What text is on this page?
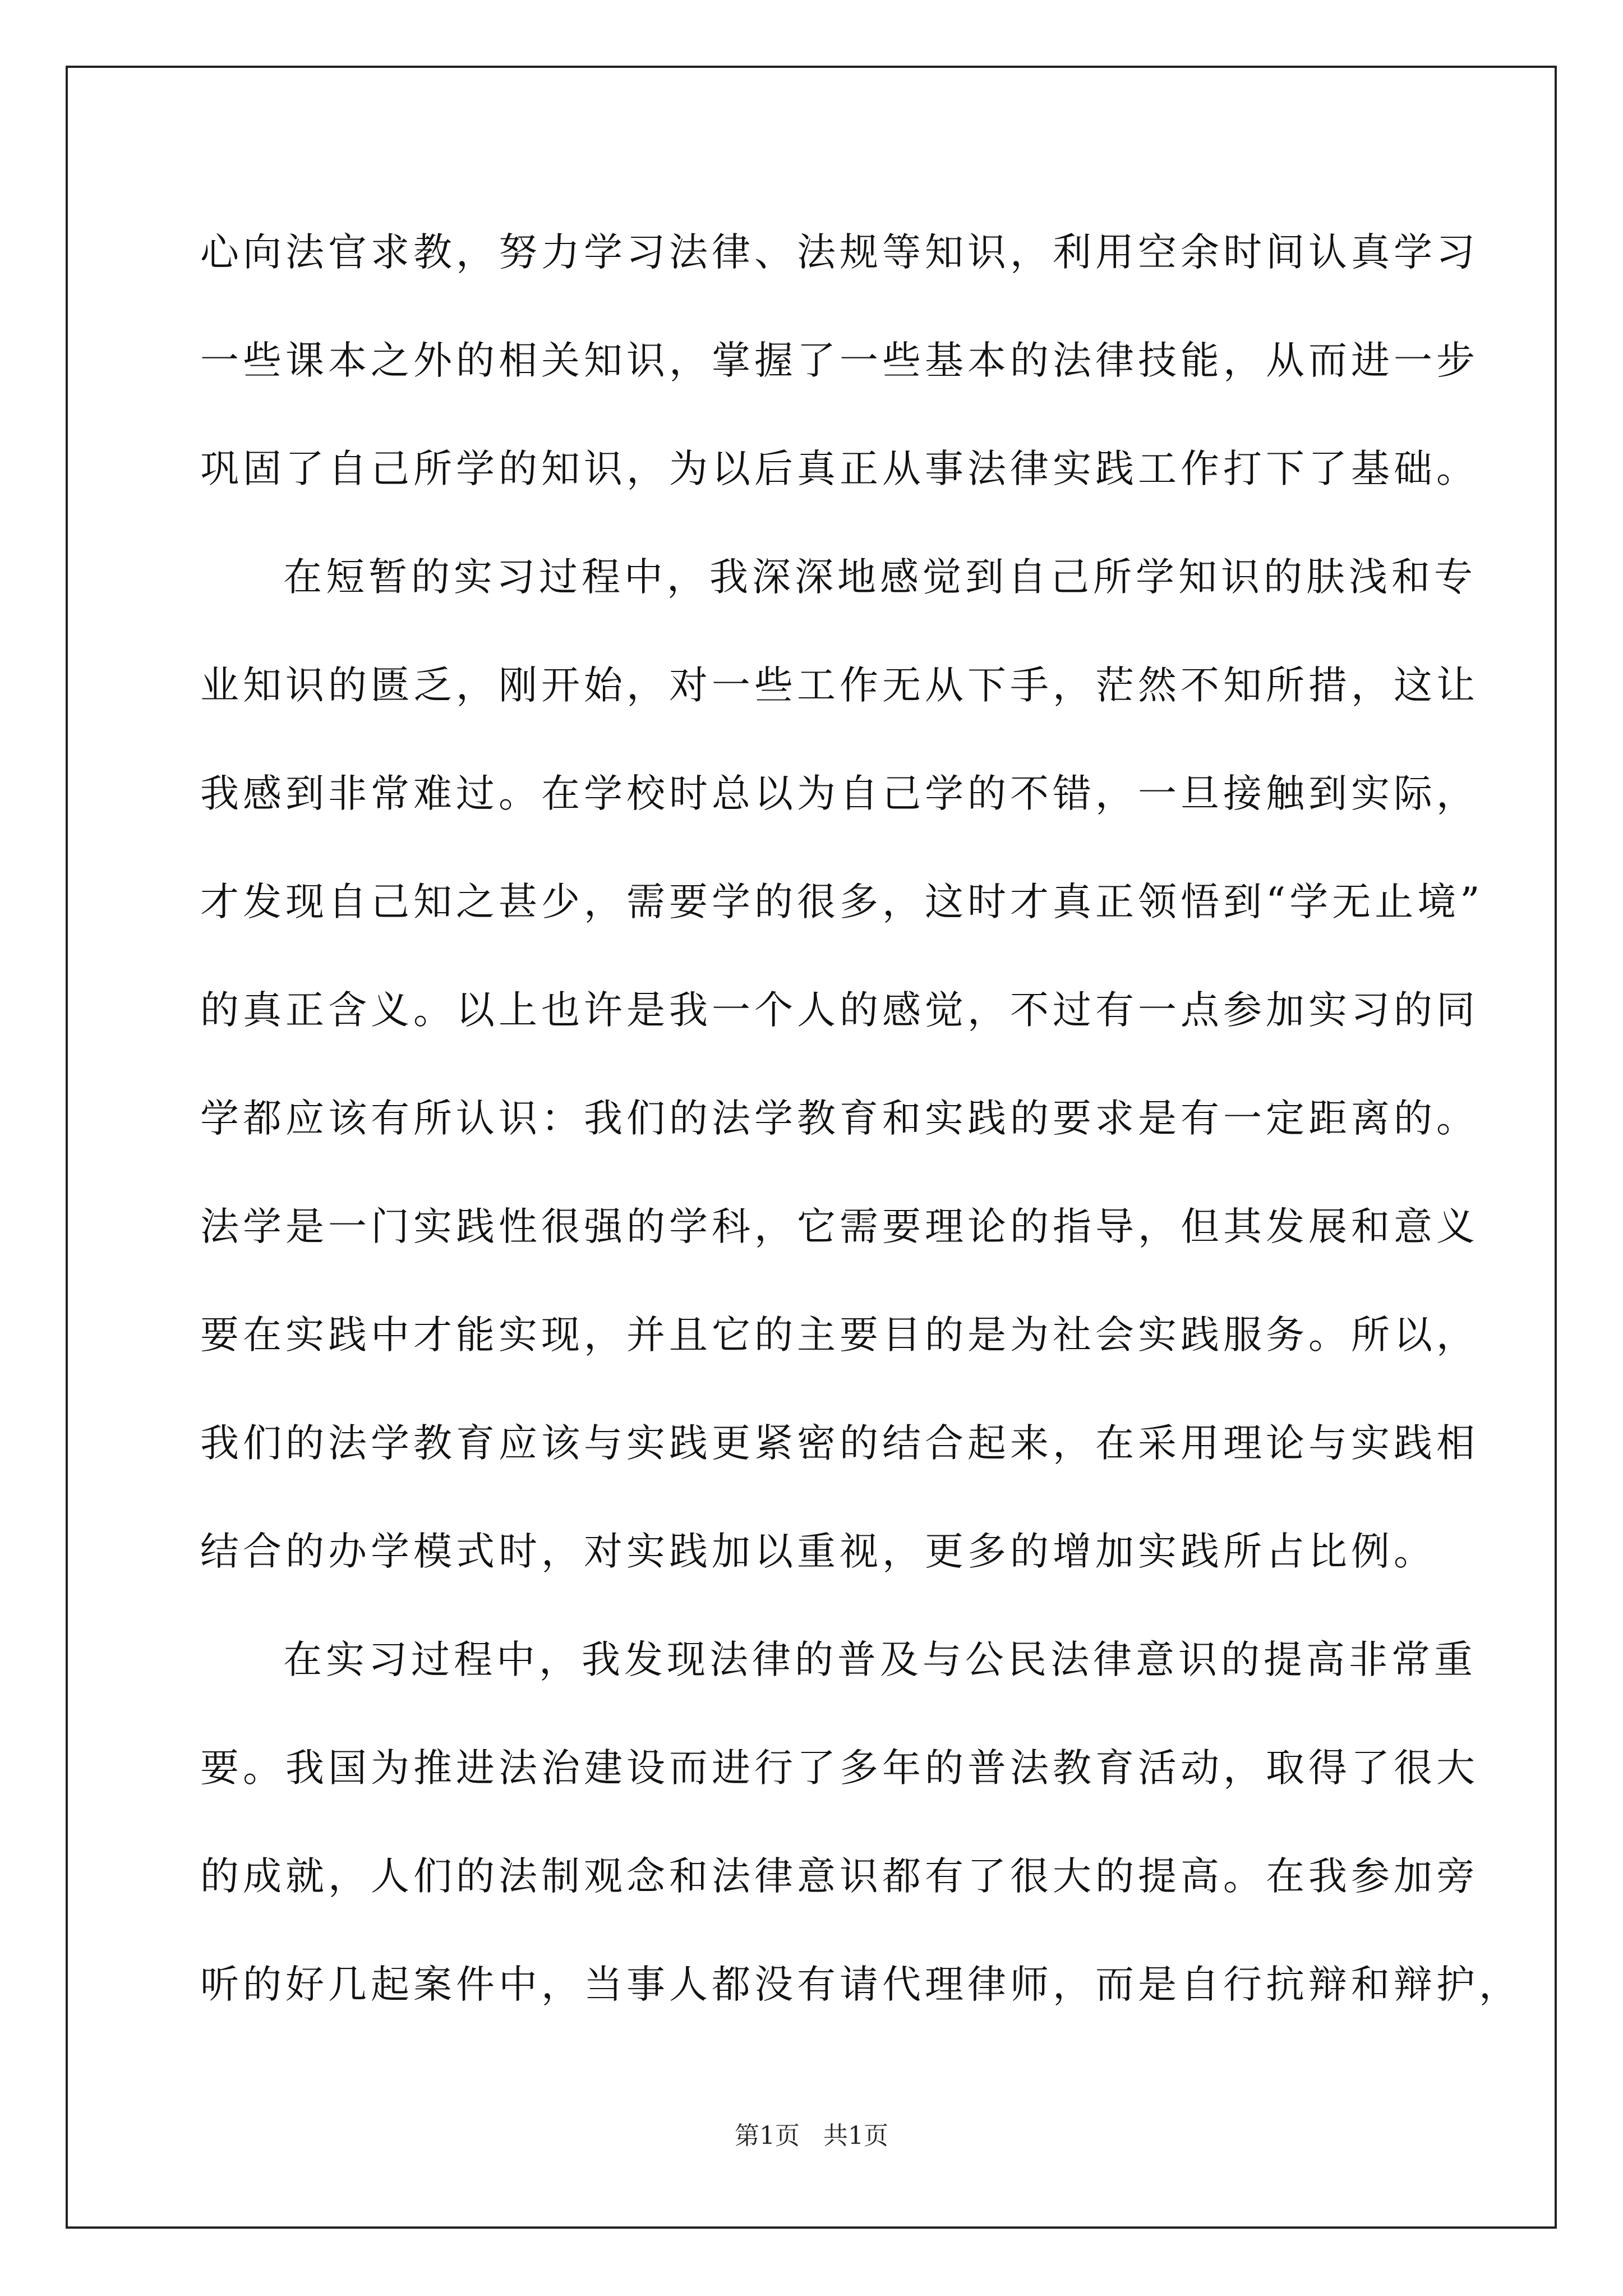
心向法官求教，努力学习法律、法规等知识，利用空余时间认真学习
一些课本之外的相关知识，掌握了一些基本的法律技能，从而进一步
巩固了自己所学的知识，为以后真正从事法律实践工作打下了基础。
在短暂的实习过程中，我深深地感觉到自己所学知识的肤浅和专
业知识的匮乏，刚开始，对一些工作无从下手，茫然不知所措，这让
我感到非常难过。在学校时总以为自己学的不错，一旦接触到实际，
才发现自己知之甚少，需要学的很多，这时才真正领悟到“学无止境”
的真正含义。以上也许是我一个人的感觉，不过有一点参加实习的同
学都应该有所认识：我们的法学教育和实践的要求是有一定距离的。
法学是一门实践性很强的学科，它需要理论的指导，但其发展和意义
要在实践中才能实现，并且它的主要目的是为社会实践服务。所以，
我们的法学教育应该与实践更紧密的结合起来，在采用理论与实践相
结合的办学模式时，对实践加以重视，更多的增加实践所占比例。
在实习过程中，我发现法律的普及与公民法律意识的提高非常重
要。我国为推进法治建设而进行了多年的普法教育活动，取得了很大
的成就，人们的法制观念和法律意识都有了很大的提高。在我参加旁
听的好几起案件中，当事人都没有请代理律师，而是自行抗辩和辩护，
第1页   共1页
